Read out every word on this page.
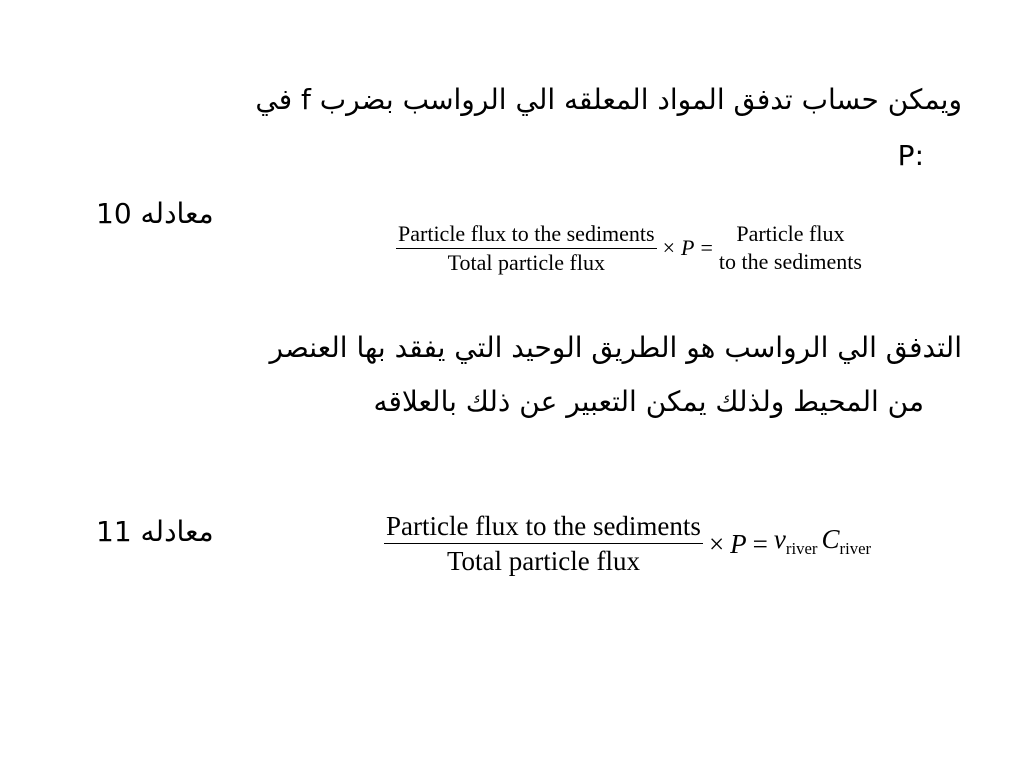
ويمكن حساب تدفق المواد المعلقه الي الرواسب بضرب f في
:P
معادله 10
$\frac{\text{Particle flux to the sediments}}{\text{Total particle flux}} \times P$ =
Particle flux
to the sediments
التدفق الي الرواسب هو الطريق الوحيد التي يفقد بها العنصر
من المحيط ولذلك يمكن التعبير عن ذلك بالعلاقه
معادله 11	$\frac{\text{Particle flux to the sediments}}{\text{Total particle flux}} \times P = v_{river}$ $C_{river}$
